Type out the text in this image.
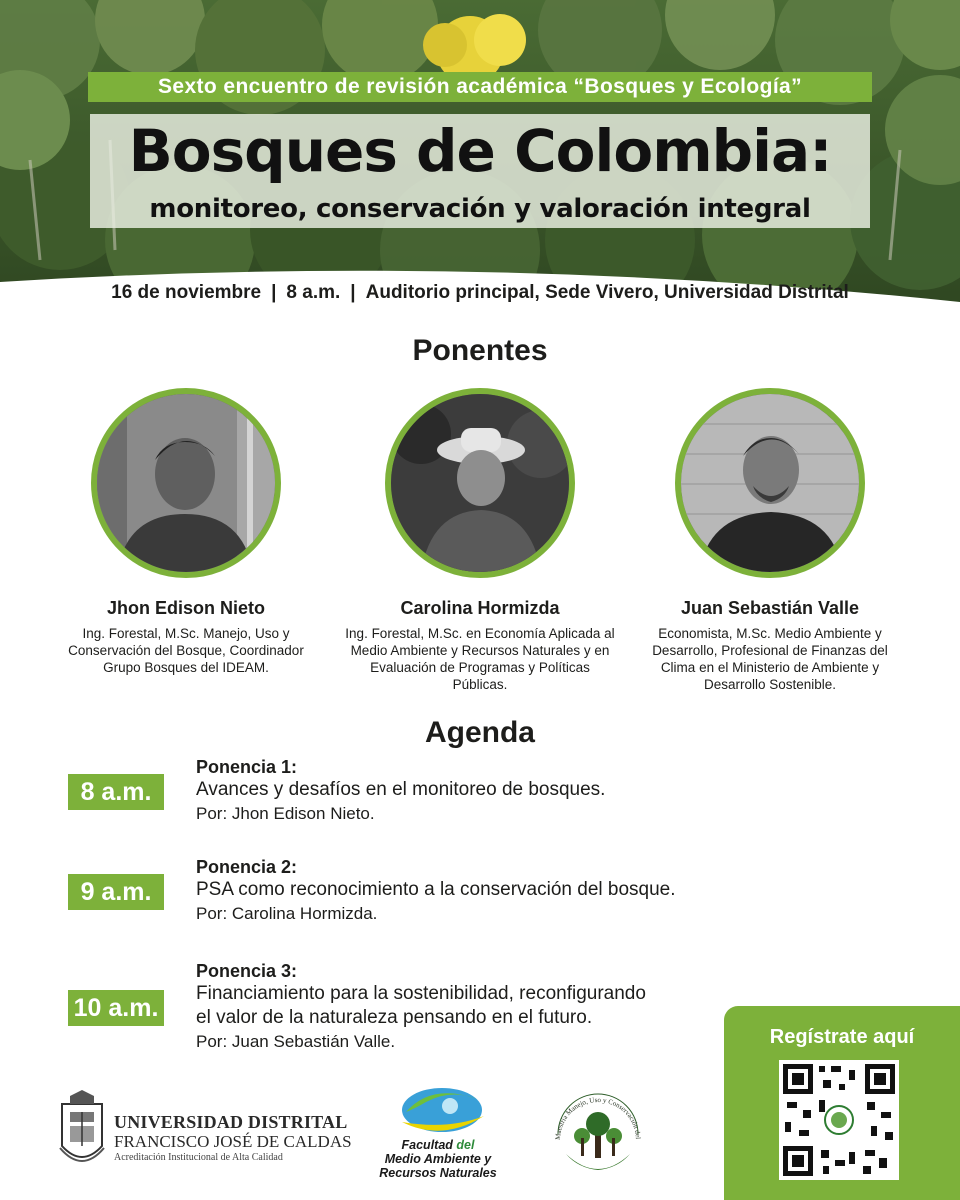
Sexto encuentro de revisión académica “Bosques y Ecología”
Bosques de Colombia:
monitoreo, conservación y valoración integral
16 de noviembre | 8 a.m. | Auditorio principal, Sede Vivero, Universidad Distrital
Ponentes
Jhon Edison Nieto
Ing. Forestal, M.Sc. Manejo, Uso y Conservación del Bosque, Coordinador Grupo Bosques del IDEAM.
Carolina Hormizda
Ing. Forestal, M.Sc. en Economía Aplicada al Medio Ambiente y Recursos Naturales y en Evaluación de Programas y Políticas Públicas.
Juan Sebastián Valle
Economista, M.Sc. Medio Ambiente y Desarrollo, Profesional de Finanzas del Clima en el Ministerio de Ambiente y Desarrollo Sostenible.
Agenda
8 a.m.
Ponencia 1:
Avances y desafíos en el monitoreo de bosques.
Por: Jhon Edison Nieto.
9 a.m.
Ponencia 2:
PSA como reconocimiento a la conservación del bosque.
Por: Carolina Hormizda.
10 a.m.
Ponencia 3:
Financiamiento para la sostenibilidad, reconfigurando
el valor de la naturaleza pensando en el futuro.
Por: Juan Sebastián Valle.	Regístrate aquí
UNIVERSIDAD DISTRITAL
FRANCISCO JOSÉ DE CALDAS
Acreditación Institucional de Alta Calidad
Facultad del
Medio Ambiente y
Recursos Naturales
Maestría Manejo, Uso y Conservación del
